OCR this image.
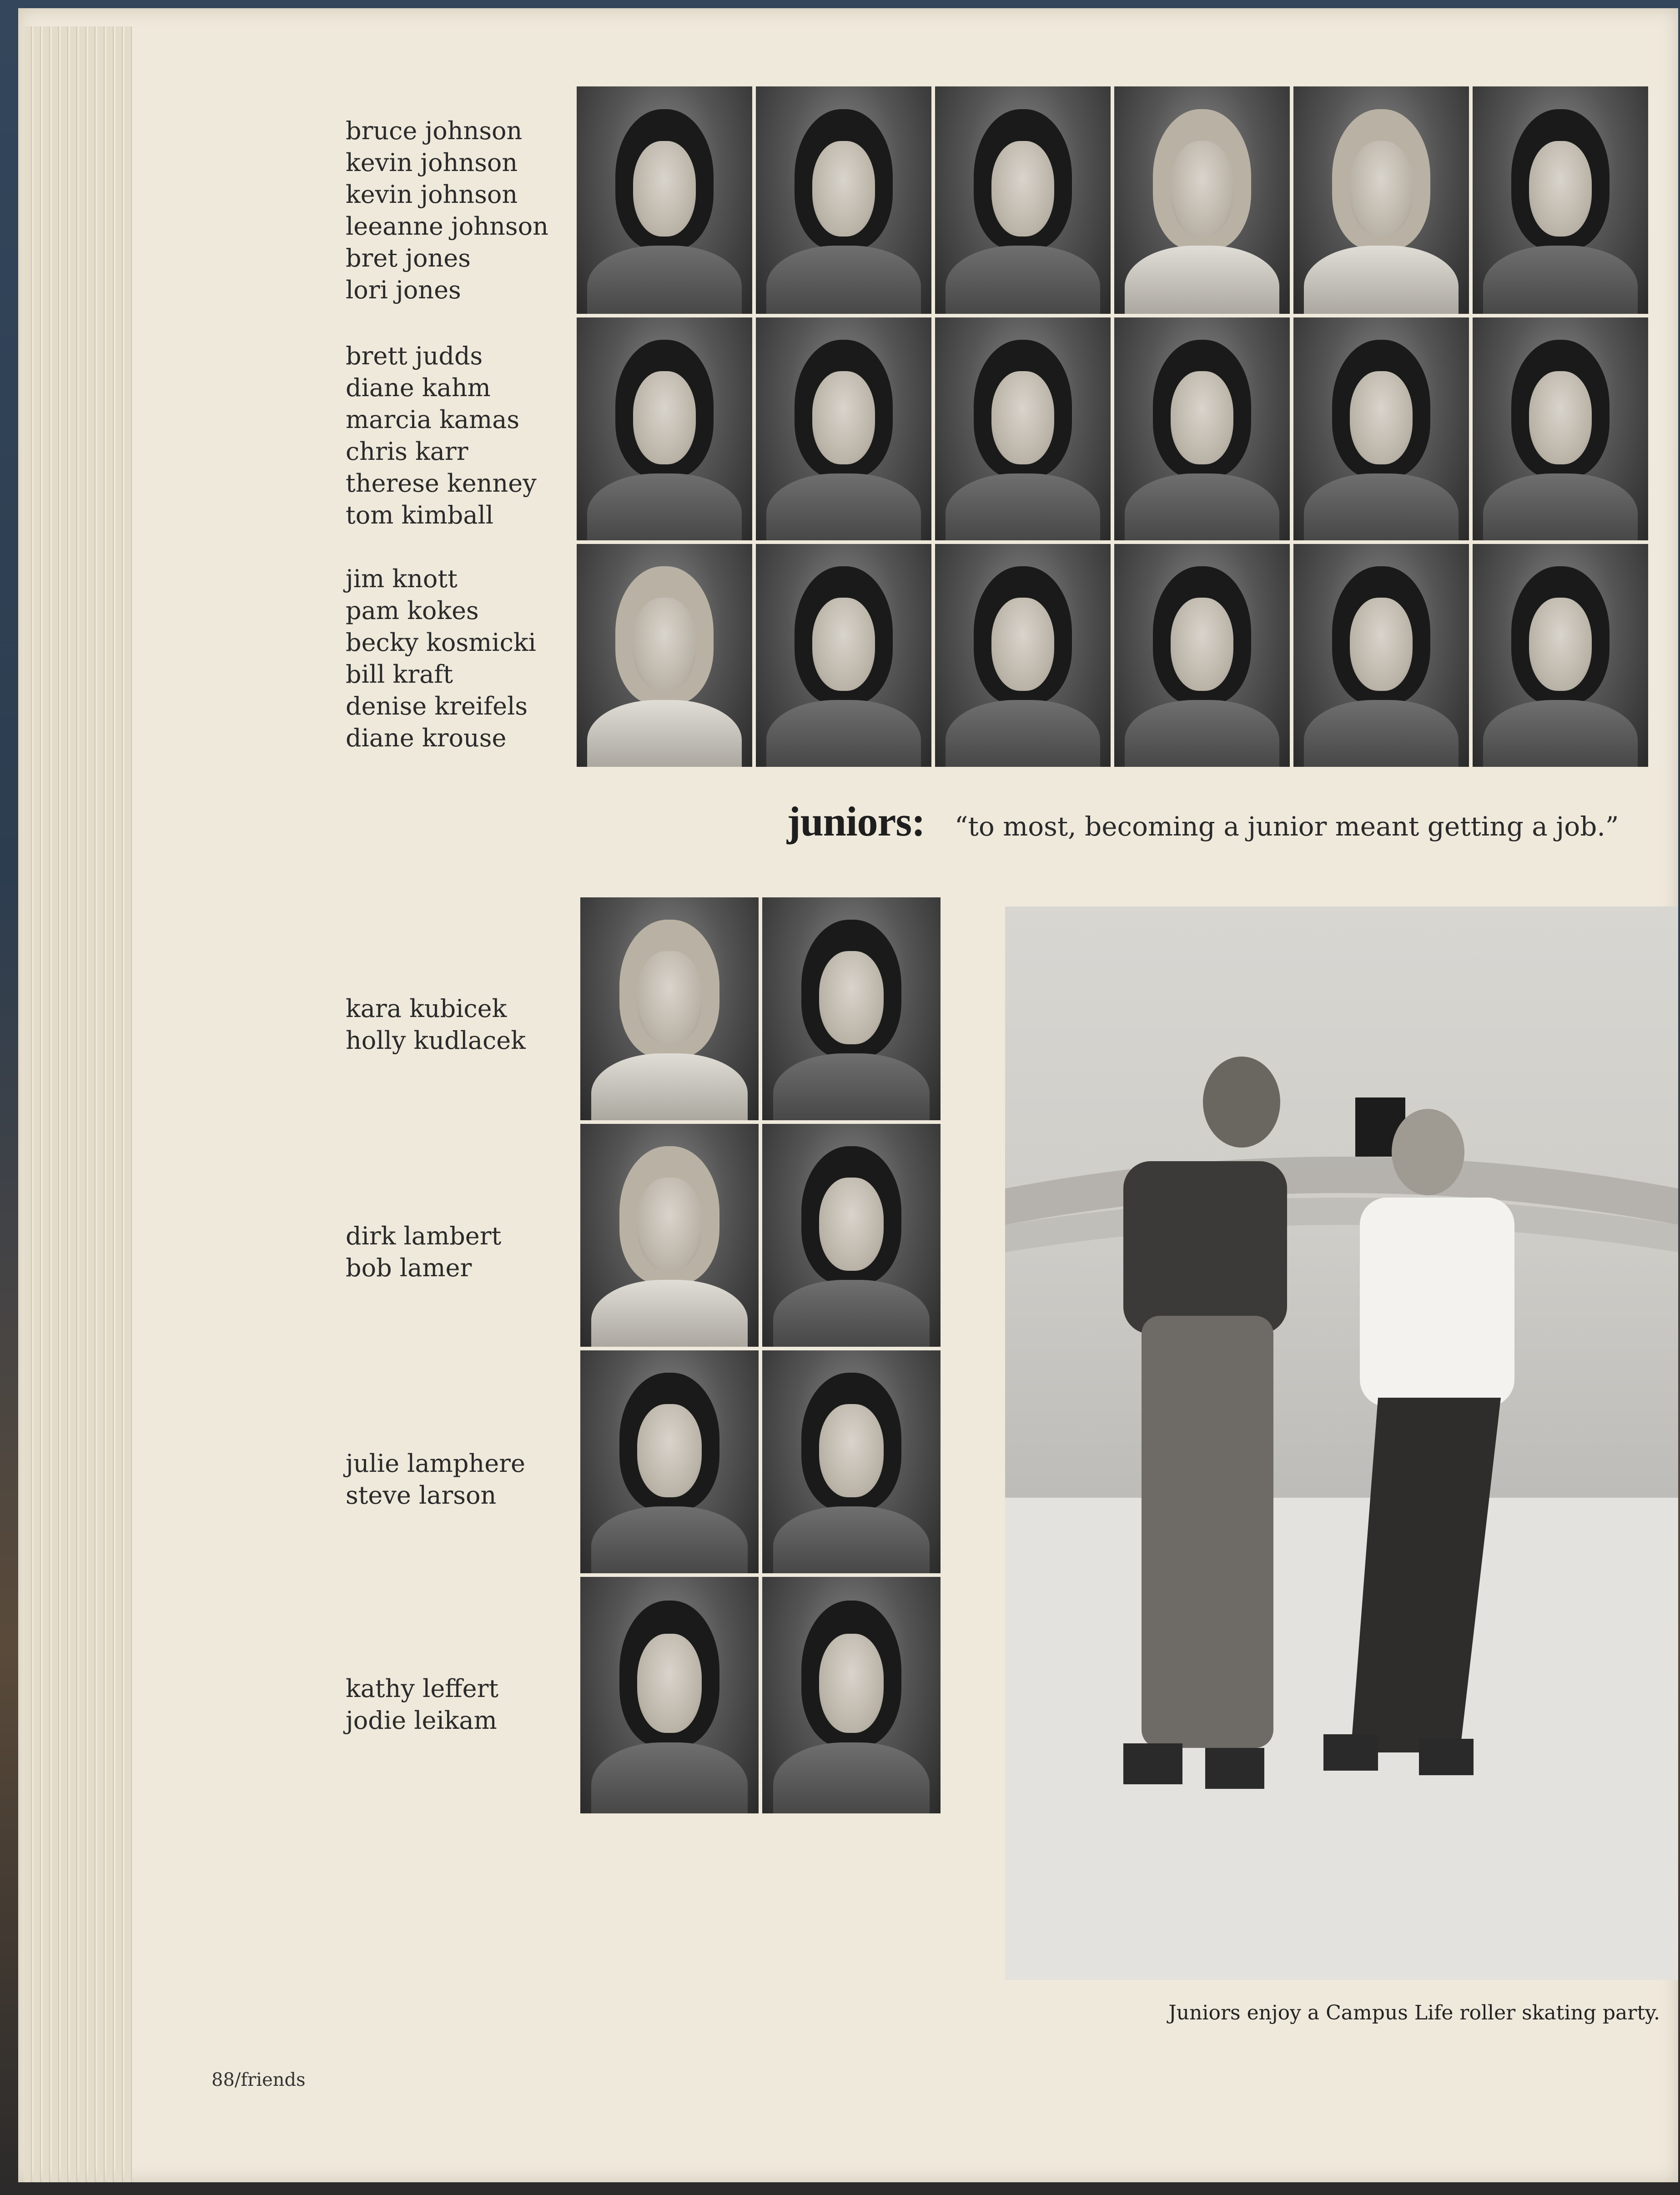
bruce johnson
kevin johnson
kevin johnson
leeanne johnson
bret jones
lori jones
brett judds
diane kahm
marcia kamas
chris karr
therese kenney
tom kimball
jim knott
pam kokes
becky kosmicki
bill kraft
denise kreifels
diane krouse
juniors: “to most, becoming a junior meant getting a job.”
kara kubicek
holly kudlacek
dirk lambert
bob lamer
julie lamphere
steve larson
kathy leffert
jodie leikam
Juniors enjoy a Campus Life roller skating party.
88/friends
